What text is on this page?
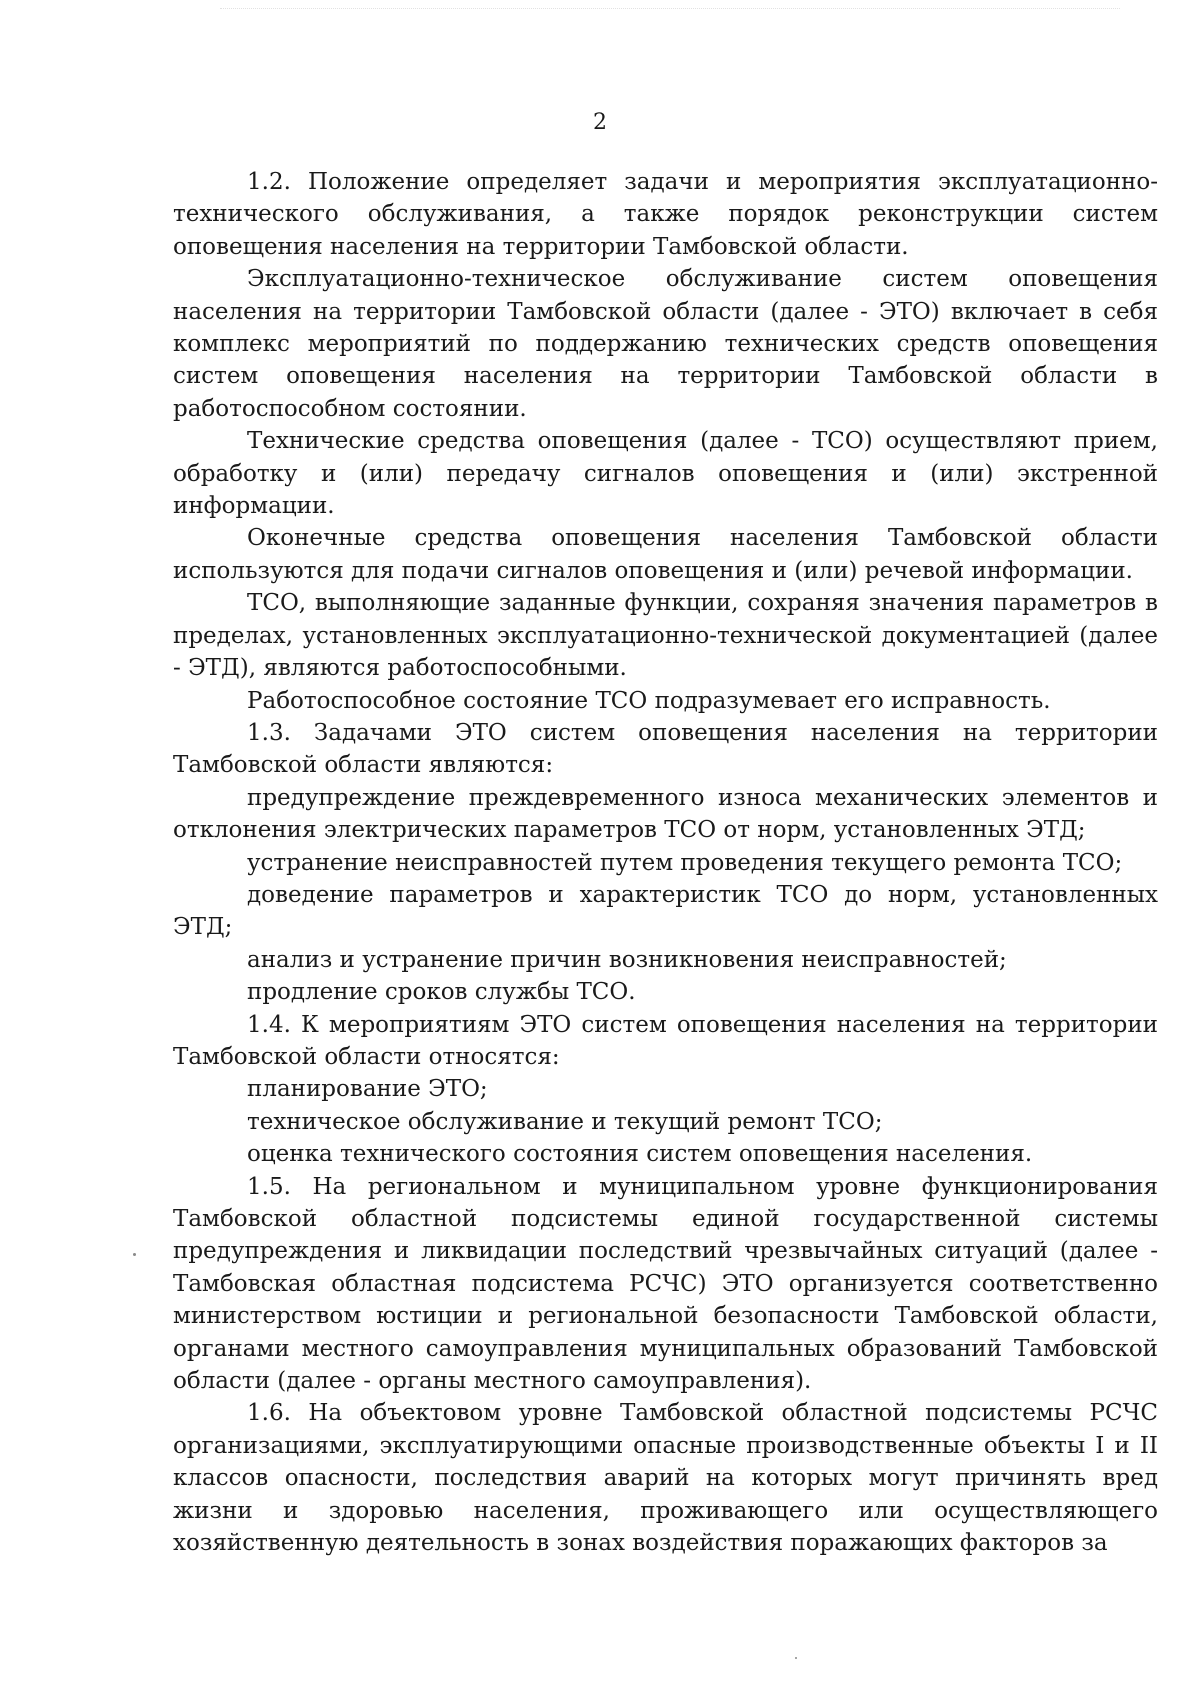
2

1.2. Положение определяет задачи и мероприятия эксплуатационно-технического обслуживания, а также порядок реконструкции систем оповещения населения на территории Тамбовской области.

Эксплуатационно-техническое обслуживание систем оповещения населения на территории Тамбовской области (далее - ЭТО) включает в себя комплекс мероприятий по поддержанию технических средств оповещения систем оповещения населения на территории Тамбовской области в работоспособном состоянии.

Технические средства оповещения (далее - ТСО) осуществляют прием, обработку и (или) передачу сигналов оповещения и (или) экстренной информации.

Оконечные средства оповещения населения Тамбовской области используются для подачи сигналов оповещения и (или) речевой информации.

ТСО, выполняющие заданные функции, сохраняя значения параметров в пределах, установленных эксплуатационно-технической документацией (далее - ЭТД), являются работоспособными.

Работоспособное состояние ТСО подразумевает его исправность.

1.3. Задачами ЭТО систем оповещения населения на территории Тамбовской области являются:

предупреждение преждевременного износа механических элементов и отклонения электрических параметров ТСО от норм, установленных ЭТД;

устранение неисправностей путем проведения текущего ремонта ТСО;

доведение параметров и характеристик ТСО до норм, установленных ЭТД;

анализ и устранение причин возникновения неисправностей;

продление сроков службы ТСО.

1.4. К мероприятиям ЭТО систем оповещения населения на территории Тамбовской области относятся:

планирование ЭТО;

техническое обслуживание и текущий ремонт ТСО;

оценка технического состояния систем оповещения населения.

1.5. На региональном и муниципальном уровне функционирования Тамбовской областной подсистемы единой государственной системы предупреждения и ликвидации последствий чрезвычайных ситуаций (далее - Тамбовская областная подсистема РСЧС) ЭТО организуется соответственно министерством юстиции и региональной безопасности Тамбовской области, органами местного самоуправления муниципальных образований Тамбовской области (далее - органы местного самоуправления).

1.6. На объектовом уровне Тамбовской областной подсистемы РСЧС организациями, эксплуатирующими опасные производственные объекты I и II классов опасности, последствия аварий на которых могут причинять вред жизни и здоровью населения, проживающего или осуществляющего хозяйственную деятельность в зонах воздействия поражающих факторов за
